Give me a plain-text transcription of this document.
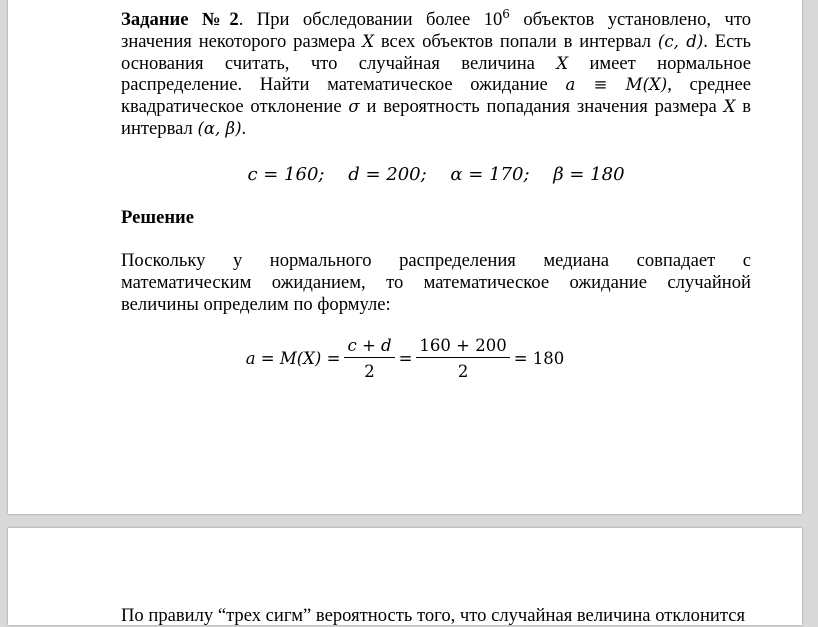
Задание №2. При обследовании более $10^6$ объектов установлено, что
значения некоторого размера X всех объектов попали в интервал (c, d). Есть
основания считать, что случайная величина X имеет нормальное
распределение. Найти математическое ожидание a ≡ M(X), среднее
квадратическое отклонение σ и вероятность попадания значения размера X в
интервал (α, β).
c = 160; d = 200; α = 170; β = 180
Решение
Поскольку у нормального распределения медиана совпадает с
математическим ожиданием, то математическое ожидание случайной
величины определим по формуле:
$a = M(X) = \frac{c + d}{2} = \frac{160 + 200}{2} = 180$
По правилу “трех сигм” вероятность того, что случайная величина отклонится
